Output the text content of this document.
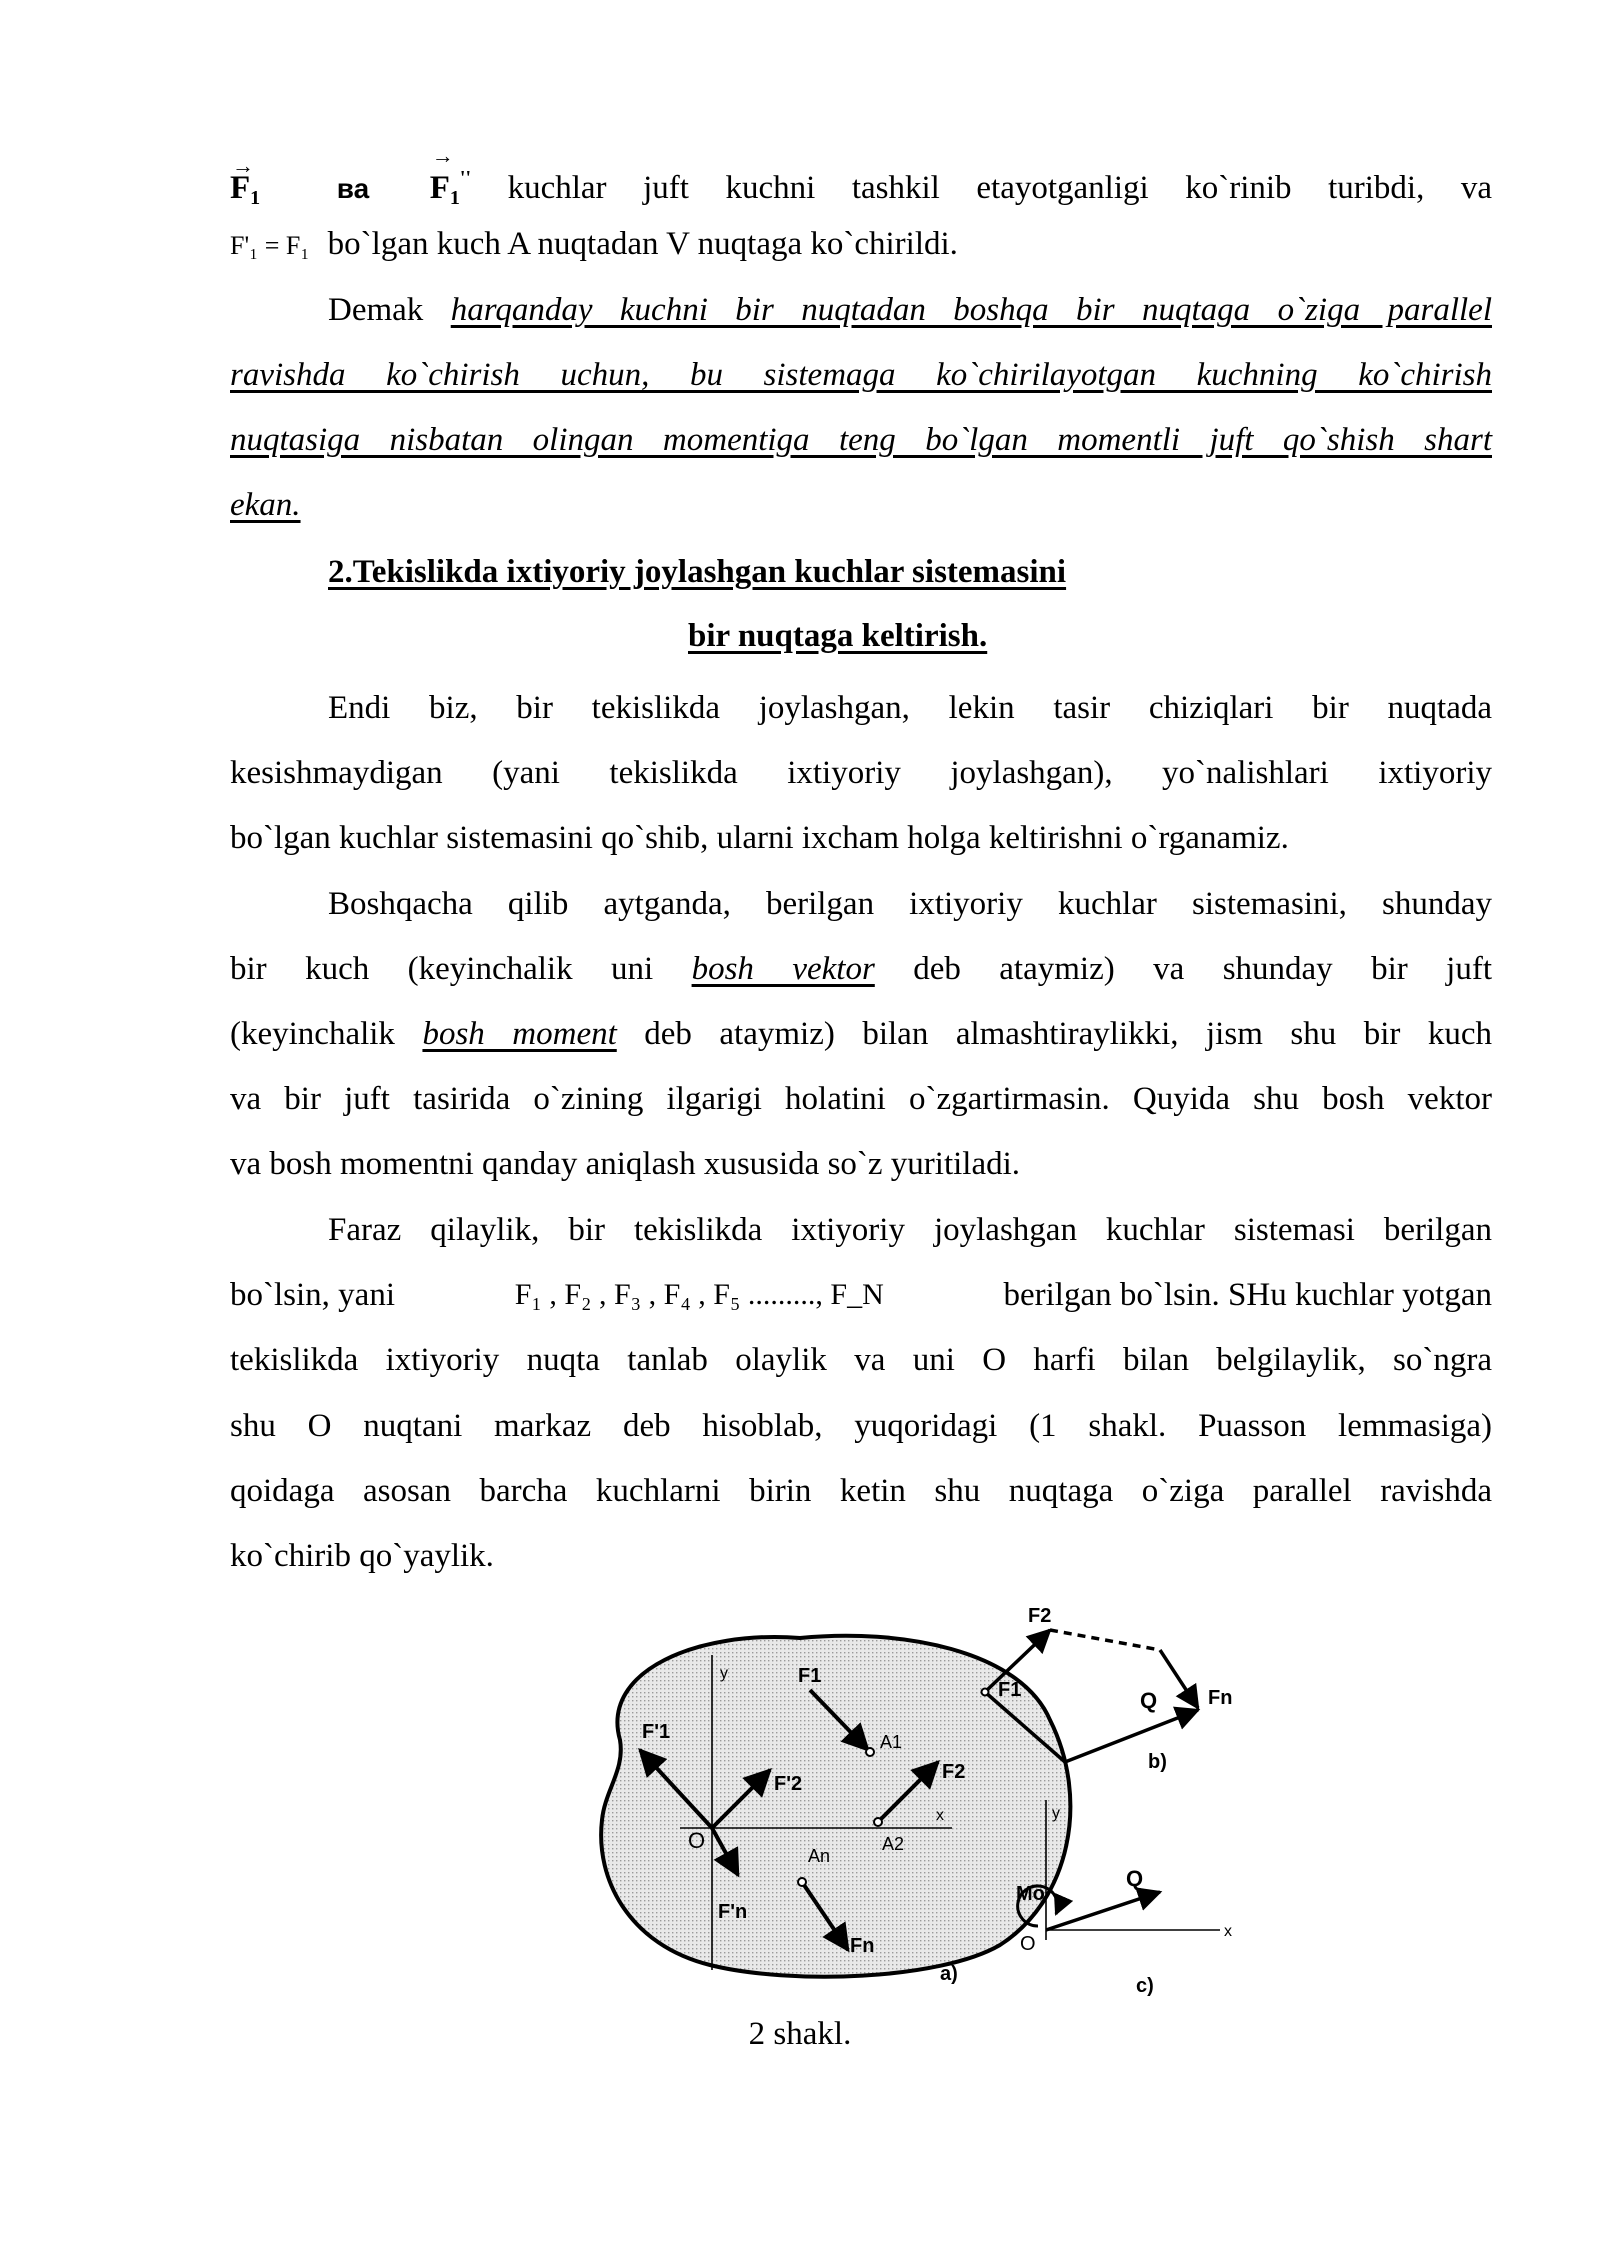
→ $F_1$	ва → $F_1''$ kuchlar juft kuchni tashkil etayotganligi ko`rinib turibdi, va
F'₁ = F₁ bo`lgan kuch A nuqtadan V nuqtaga ko`chirildi.
Demak harqanday kuchni bir nuqtadan boshqa bir nuqtaga o`ziga parallel
ravishda ko`chirish uchun, bu sistemaga ko`chirilayotgan kuchning ko`chirish
nuqtasiga nisbatan olingan momentiga teng bo`lgan momentli juft qo`shish shart
ekan.
2.Tekislikda ixtiyoriy joylashgan kuchlar sistemasini
bir nuqtaga keltirish.
Endi biz, bir tekislikda joylashgan, lekin tasir chiziqlari bir nuqtada
kesishmaydigan (yani tekislikda ixtiyoriy joylashgan), yo`nalishlari ixtiyoriy
bo`lgan kuchlar sistemasini qo`shib, ularni ixcham holga keltirishni o`rganamiz.
Boshqacha qilib aytganda, berilgan ixtiyoriy kuchlar sistemasini, shunday
bir kuch (keyinchalik uni bosh vektor deb ataymiz) va shunday bir juft
(keyinchalik bosh moment deb ataymiz) bilan almashtiraylikki, jism shu bir kuch
va bir juft tasirida o`zining ilgarigi holatini o`zgartirmasin. Quyida shu bosh vektor
va bosh momentni qanday aniqlash xususida so`z yuritiladi.
Faraz qilaylik, bir tekislikda ixtiyoriy joylashgan kuchlar sistemasi berilgan
bo`lsin, yani	F₁ , F₂ , F₃ , F₄ , F₅ ........., F_N	berilgan bo`lsin. SHu kuchlar yotgan
tekislikda ixtiyoriy nuqta tanlab olaylik va uni O harfi bilan belgilaylik, so`ngra
shu O nuqtani markaz deb hisoblab, yuqoridagi (1 shakl. Puasson lemmasiga)
qoidaga asosan barcha kuchlarni birin ketin shu nuqtaga o`ziga parallel ravishda
ko`chirib qo`yaylik.
y
x
O
F'1
F1
A1
F'2
F2
A2
An
F'n
Fn
a)
F2
F1	Q	Fn
b)
y
x
Mo
O
Q
c)
2 shakl.
